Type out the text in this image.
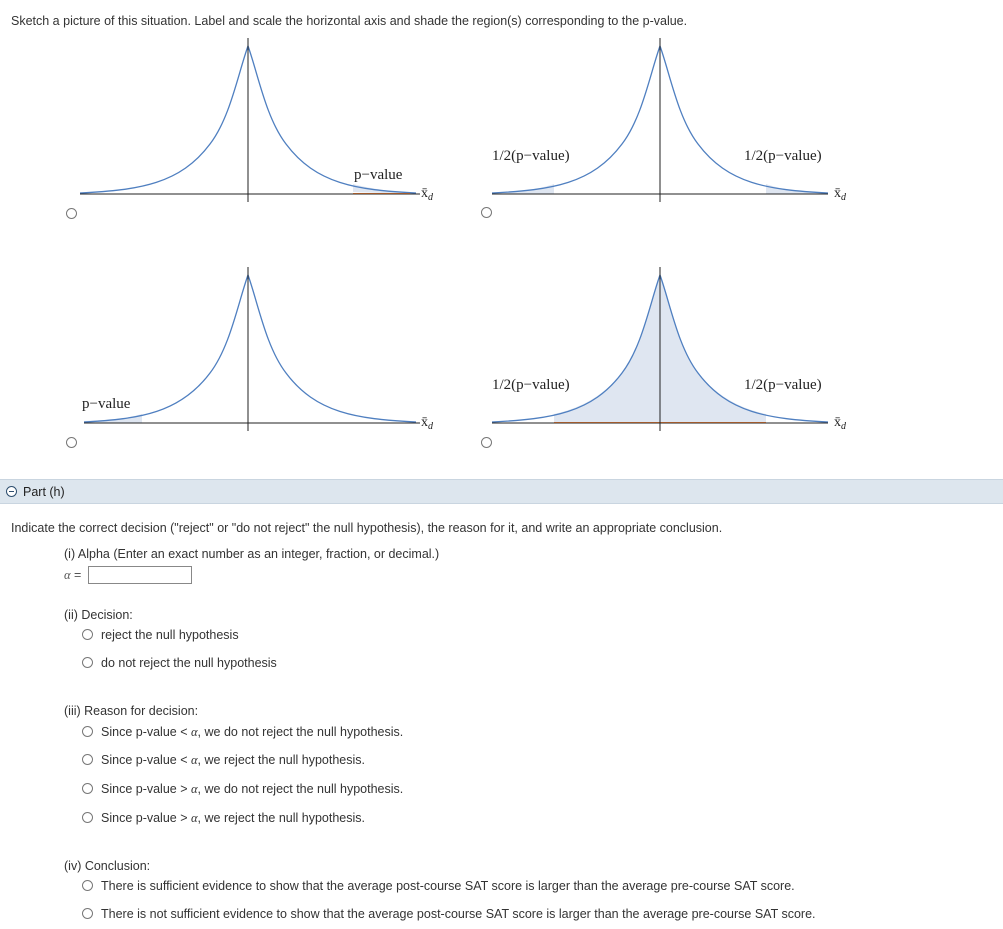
Sketch a picture of this situation. Label and scale the horizontal axis and shade the region(s) corresponding to the p-value.
p−value
x̄ d
1/2(p−value)	1/2(p−value)
x̄ d
p−value
x̄ d
1/2(p−value)	1/2(p−value)
x̄ d
Part (h)
Indicate the correct decision ("reject" or "do not reject" the null hypothesis), the reason for it, and write an appropriate conclusion.
(i) Alpha (Enter an exact number as an integer, fraction, or decimal.)
α =
(ii) Decision:
reject the null hypothesis
do not reject the null hypothesis
(iii) Reason for decision:
Since p-value < α, we do not reject the null hypothesis.
Since p-value < α, we reject the null hypothesis.
Since p-value > α, we do not reject the null hypothesis.
Since p-value > α, we reject the null hypothesis.
(iv) Conclusion:
There is sufficient evidence to show that the average post-course SAT score is larger than the average pre-course SAT score.
There is not sufficient evidence to show that the average post-course SAT score is larger than the average pre-course SAT score.
